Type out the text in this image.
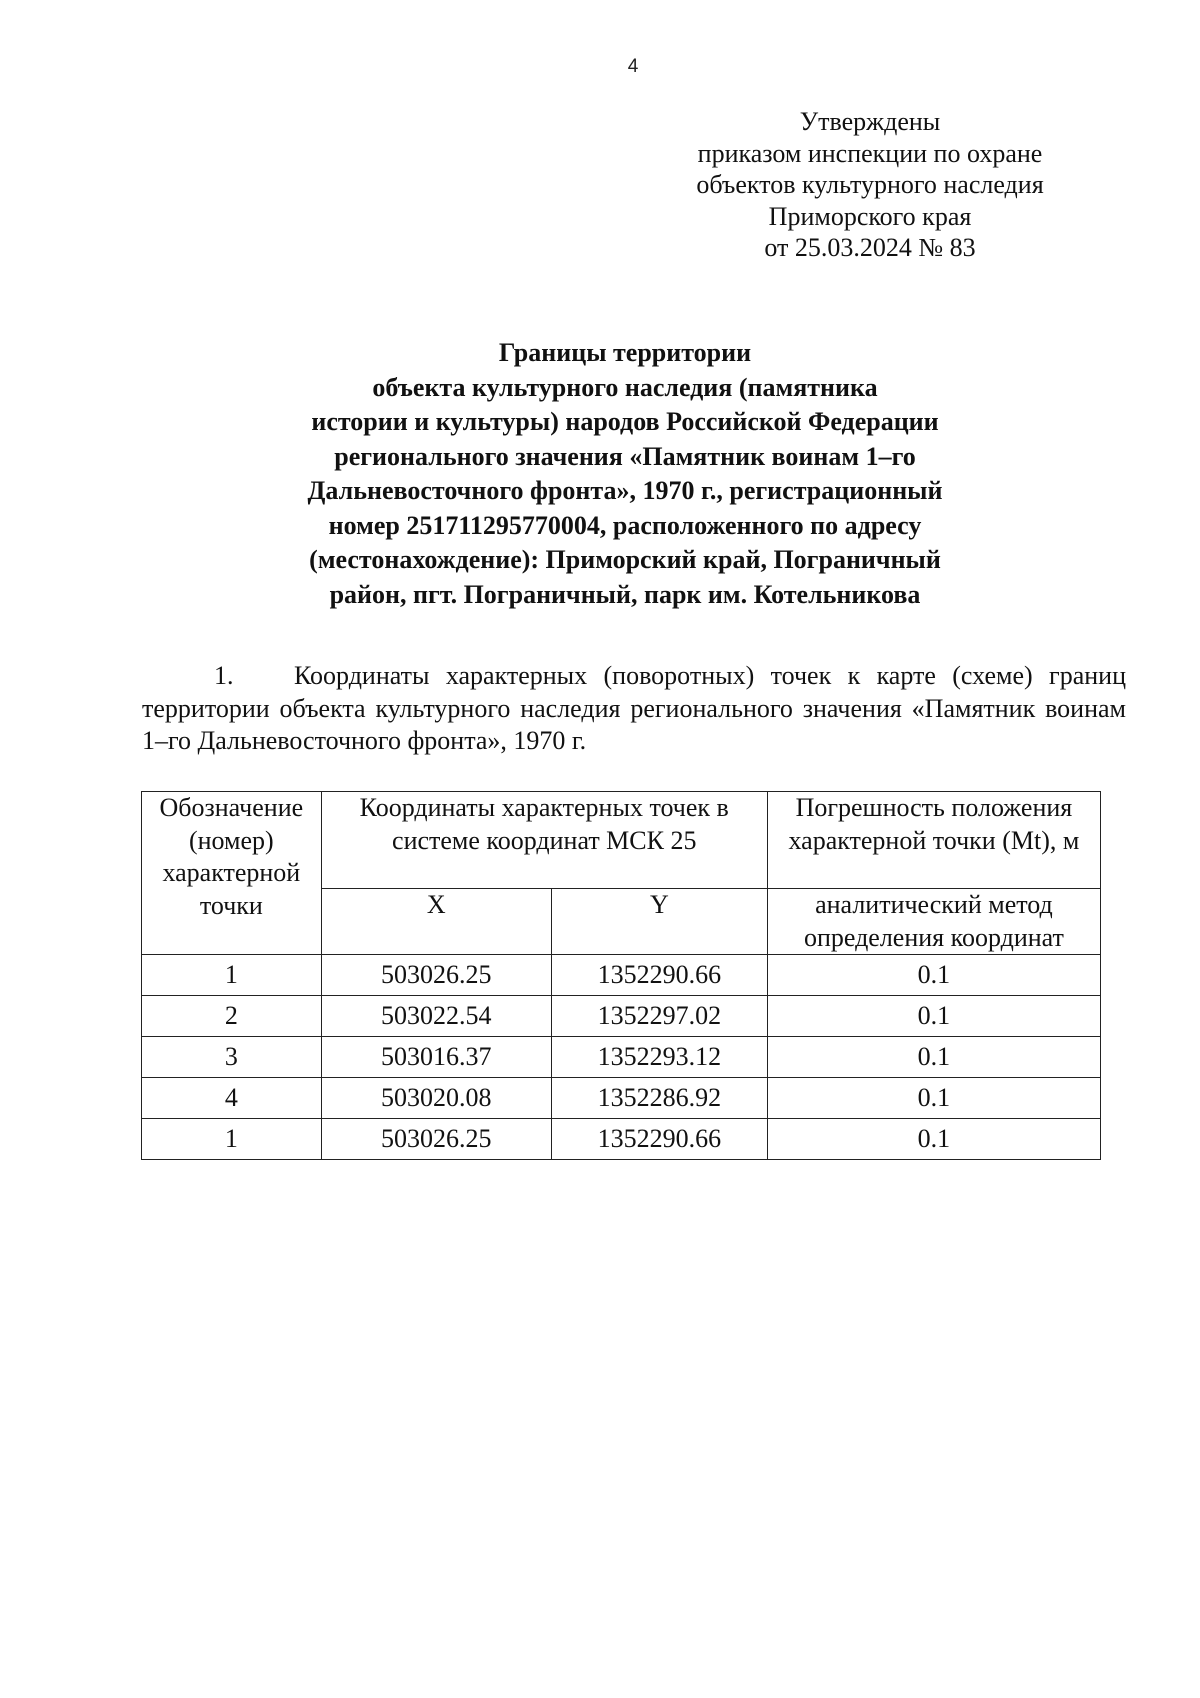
4
Утверждены
приказом инспекции по охране
объектов культурного наследия
Приморского края
от 25.03.2024 № 83
Границы территории
объекта культурного наследия (памятника
истории и культуры) народов Российской Федерации
регионального значения «Памятник воинам 1–го
Дальневосточного фронта», 1970 г., регистрационный
номер 251711295770004, расположенного по адресу
(местонахождение): Приморский край, Пограничный
район, пгт. Пограничный, парк им. Котельникова
1. Координаты характерных (поворотных) точек к карте (схеме) границ территории объекта культурного наследия регионального значения «Памятник воинам 1–го Дальневосточного фронта», 1970 г.
Обозначение (номер) характерной точки	Координаты характерных точек в системе координат МСК 25		Погрешность положения характерной точки (Mt), м
	X	Y	аналитический метод определения координат
1	503026.25	1352290.66	0.1
2	503022.54	1352297.02	0.1
3	503016.37	1352293.12	0.1
4	503020.08	1352286.92	0.1
1	503026.25	1352290.66	0.1
